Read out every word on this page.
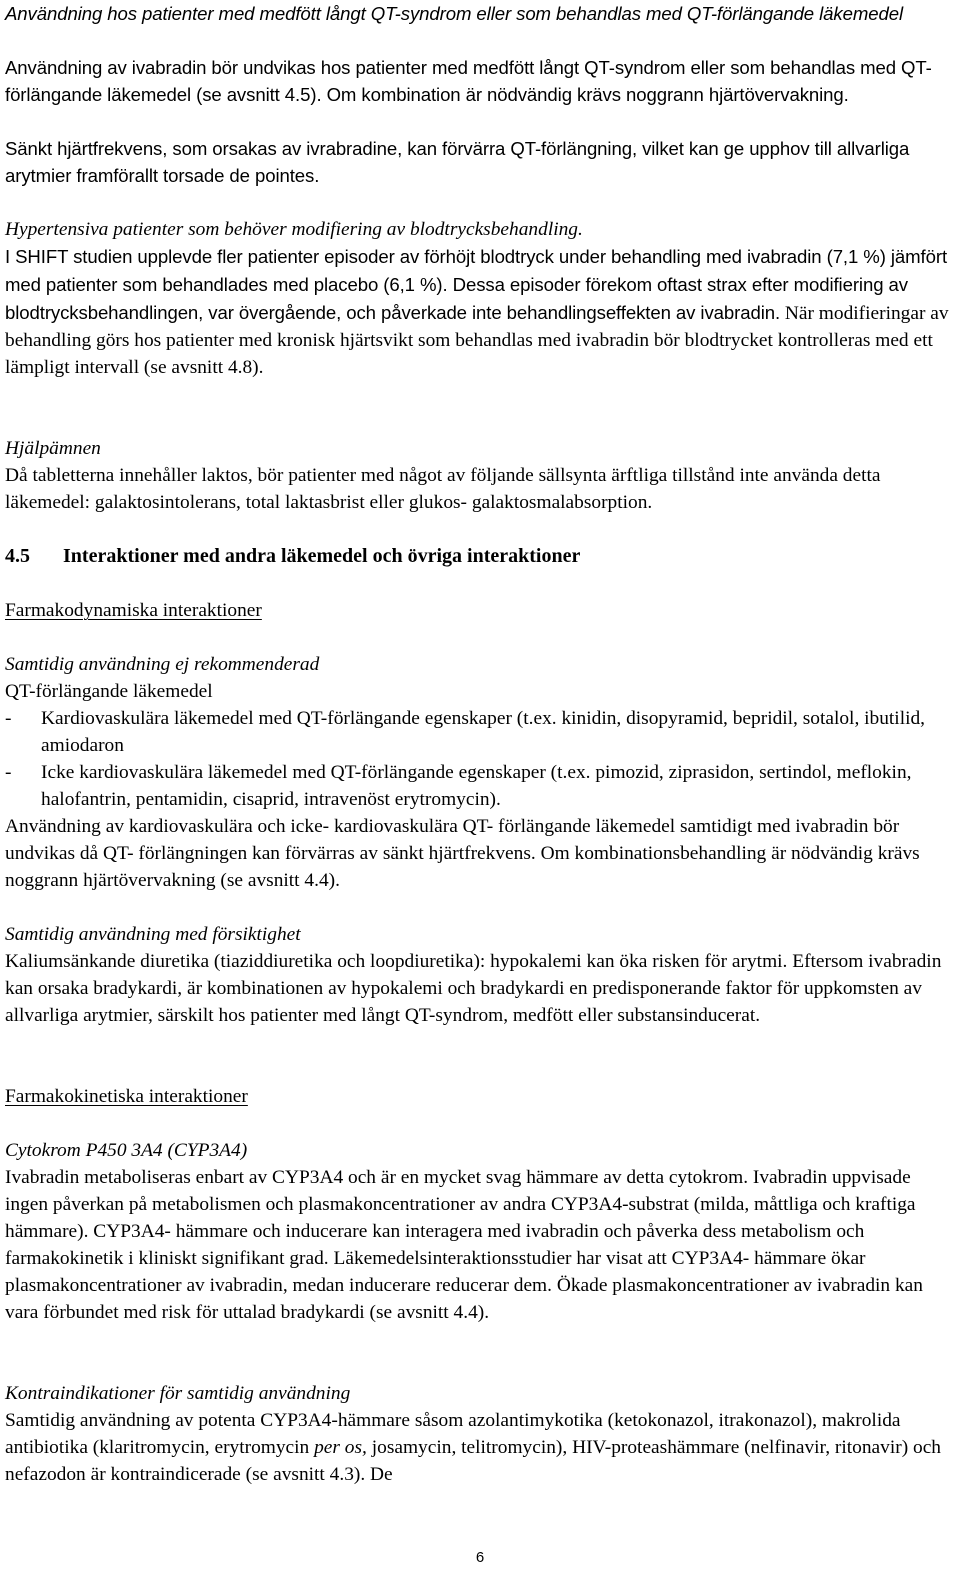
Användning hos patienter med medfött långt QT-syndrom eller som behandlas med QT-förlängande läkemedel

Användning av ivabradin bör undvikas hos patienter med medfött långt QT-syndrom eller som behandlas med QT-förlängande läkemedel (se avsnitt 4.5). Om kombination är nödvändig krävs noggrann hjärtövervakning.

Sänkt hjärtfrekvens, som orsakas av ivrabradine, kan förvärra QT-förlängning, vilket kan ge upphov till allvarliga arytmier framförallt torsade de pointes.

Hypertensiva patienter som behöver modifiering av blodtrycksbehandling.

I SHIFT studien upplevde fler patienter episoder av förhöjt blodtryck under behandling med ivabradin (7,1 %) jämfört med patienter som behandlades med placebo (6,1 %). Dessa episoder förekom oftast strax efter modifiering av blodtrycksbehandlingen, var övergående, och påverkade inte behandlingseffekten av ivabradin. När modifieringar av behandling görs hos patienter med kronisk hjärtsvikt som behandlas med ivabradin bör blodtrycket kontrolleras med ett lämpligt intervall (se avsnitt 4.8).

Hjälpämnen

Då tabletterna innehåller laktos, bör patienter med något av följande sällsynta ärftliga tillstånd inte använda detta läkemedel: galaktosintolerans, total laktasbrist eller glukos- galaktosmalabsorption.

4.5 Interaktioner med andra läkemedel och övriga interaktioner

Farmakodynamiska interaktioner

Samtidig användning ej rekommenderad

QT-förlängande läkemedel

-	Kardiovaskulära läkemedel med QT-förlängande egenskaper (t.ex. kinidin, disopyramid, bepridil, sotalol, ibutilid, amiodaron
-	Icke kardiovaskulära läkemedel med QT-förlängande egenskaper (t.ex. pimozid, ziprasidon, sertindol, meflokin, halofantrin, pentamidin, cisaprid, intravenöst erytromycin).

Användning av kardiovaskulära och icke- kardiovaskulära QT- förlängande läkemedel samtidigt med ivabradin bör undvikas då QT- förlängningen kan förvärras av sänkt hjärtfrekvens. Om kombinationsbehandling är nödvändig krävs noggrann hjärtövervakning (se avsnitt 4.4).

Samtidig användning med försiktighet

Kaliumsänkande diuretika (tiaziddiuretika och loopdiuretika): hypokalemi kan öka risken för arytmi. Eftersom ivabradin kan orsaka bradykardi, är kombinationen av hypokalemi och bradykardi en predisponerande faktor för uppkomsten av allvarliga arytmier, särskilt hos patienter med långt QT-syndrom, medfött eller substansinducerat.

Farmakokinetiska interaktioner

Cytokrom P450 3A4 (CYP3A4)

Ivabradin metaboliseras enbart av CYP3A4 och är en mycket svag hämmare av detta cytokrom. Ivabradin uppvisade ingen påverkan på metabolismen och plasmakoncentrationer av andra CYP3A4-substrat (milda, måttliga och kraftiga hämmare). CYP3A4- hämmare och inducerare kan interagera med ivabradin och påverka dess metabolism och farmakokinetik i kliniskt signifikant grad. Läkemedelsinteraktionsstudier har visat att CYP3A4- hämmare ökar plasmakoncentrationer av ivabradin, medan inducerare reducerar dem. Ökade plasmakoncentrationer av ivabradin kan vara förbundet med risk för uttalad bradykardi (se avsnitt 4.4).

Kontraindikationer för samtidig användning

Samtidig användning av potenta CYP3A4-hämmare såsom azolantimykotika (ketokonazol, itrakonazol), makrolida antibiotika (klaritromycin, erytromycin per os, josamycin, telitromycin), HIV-proteashämmare (nelfinavir, ritonavir) och nefazodon är kontraindicerade (se avsnitt 4.3). De

6
